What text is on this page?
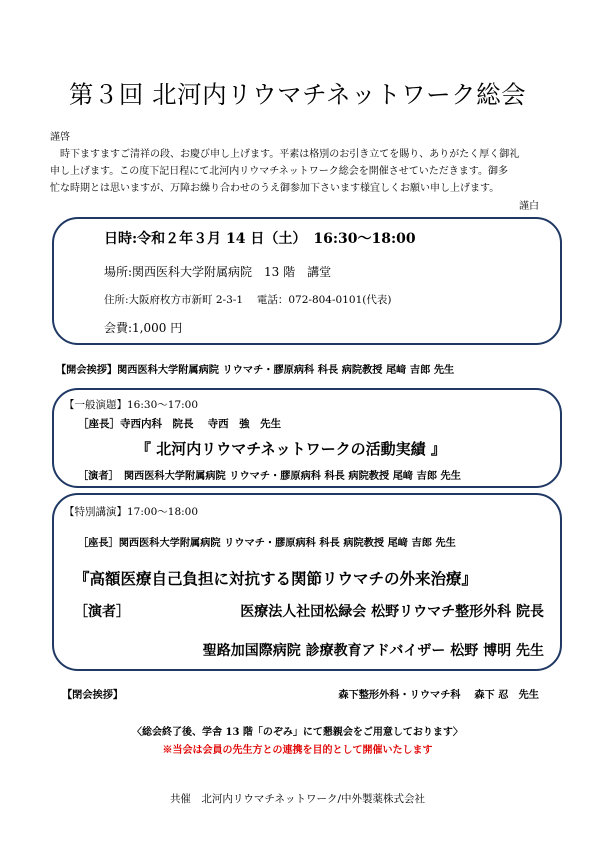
第３回 北河内リウマチネットワーク総会
謹啓
時下ますますご清祥の段、お慶び申し上げます。平素は格別のお引き立てを賜り、ありがたく厚く御礼
申し上げます。この度下記日程にて北河内リウマチネットワーク総会を開催させていただきます。御多
忙な時期とは思いますが、万障お繰り合わせのうえ御参加下さいます様宜しくお願い申し上げます。
謹白
日時:令和２年３月 14 日（土）　16:30〜18:00
場所:関西医科大学附属病院　13 階　講堂
住所:大阪府枚方市新町 2-3-1　 電話：072-804-0101(代表)
会費:1,000 円
【開会挨拶】関西医科大学附属病院 リウマチ・膠原病科 科長 病院教授 尾﨑 吉郎 先生
【一般演題】16:30〜17:00
［座長］寺西内科　院長　 寺西　強　先生
『 北河内リウマチネットワークの活動実績 』
［演者］　関西医科大学附属病院 リウマチ・膠原病科 科長 病院教授 尾﨑 吉郎 先生
【特別講演】17:00〜18:00
［座長］関西医科大学附属病院 リウマチ・膠原病科 科長 病院教授 尾﨑 吉郎 先生
『高額医療自己負担に対抗する関節リウマチの外来治療』
［演者］	医療法人社団松緑会 松野リウマチ整形外科 院長
聖路加国際病院 診療教育アドバイザー 松野 博明 先生
【閉会挨拶】	森下整形外科・リウマチ科　 森下 忍　先生
〈総会終了後、学舎 13 階「のぞみ」にて懇親会をご用意しております〉
※当会は会員の先生方との連携を目的として開催いたします
共催　北河内リウマチネットワーク/中外製薬株式会社
